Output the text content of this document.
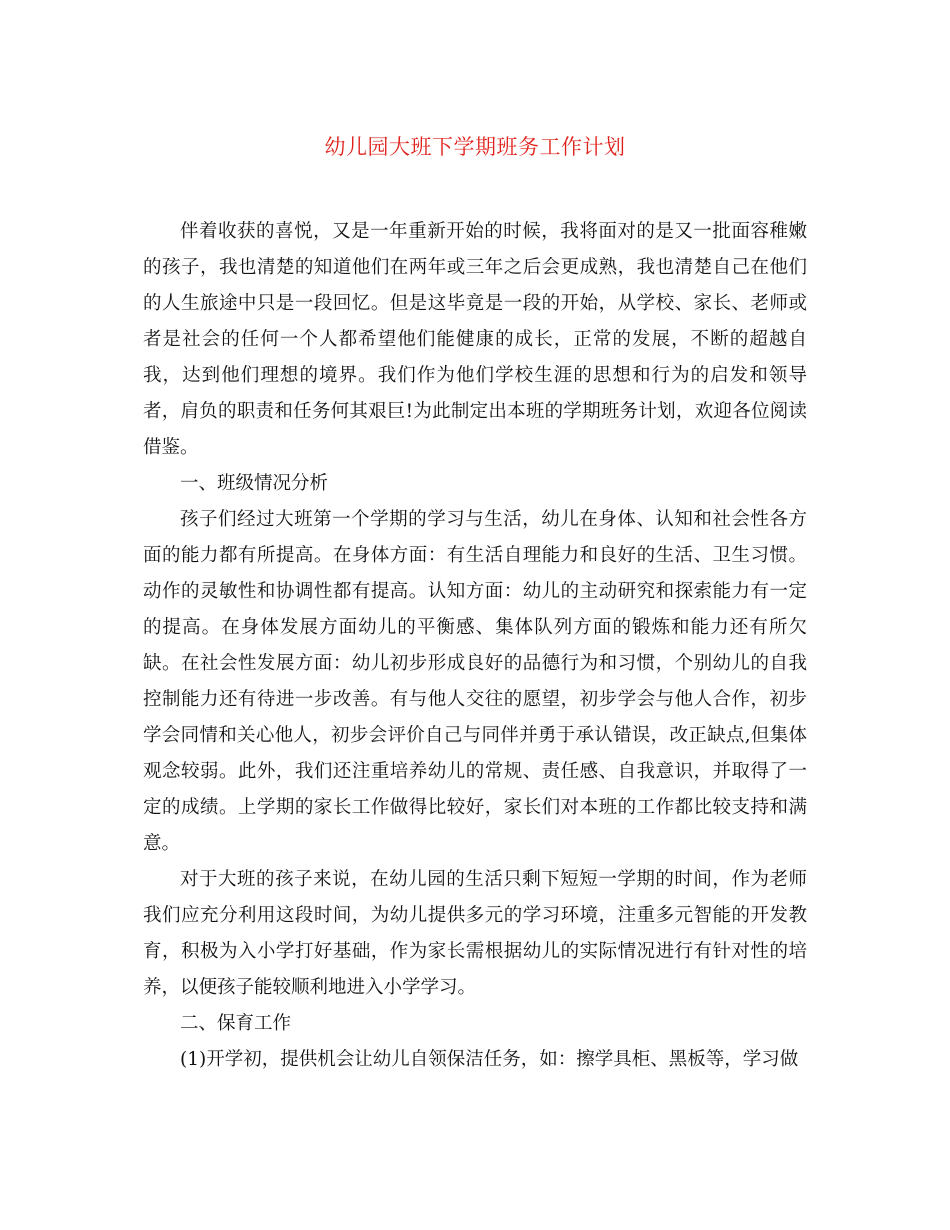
幼儿园大班下学期班务工作计划

伴着收获的喜悦，又是一年重新开始的时候，我将面对的是又一批面容稚嫩的孩子，我也清楚的知道他们在两年或三年之后会更成熟，我也清楚自己在他们的人生旅途中只是一段回忆。但是这毕竟是一段的开始，从学校、家长、老师或者是社会的任何一个人都希望他们能健康的成长，正常的发展，不断的超越自我，达到他们理想的境界。我们作为他们学校生涯的思想和行为的启发和领导者，肩负的职责和任务何其艰巨!为此制定出本班的学期班务计划，欢迎各位阅读借鉴。

一、班级情况分析

孩子们经过大班第一个学期的学习与生活，幼儿在身体、认知和社会性各方面的能力都有所提高。在身体方面：有生活自理能力和良好的生活、卫生习惯。动作的灵敏性和协调性都有提高。认知方面：幼儿的主动研究和探索能力有一定的提高。在身体发展方面幼儿的平衡感、集体队列方面的锻炼和能力还有所欠缺。在社会性发展方面：幼儿初步形成良好的品德行为和习惯，个别幼儿的自我控制能力还有待进一步改善。有与他人交往的愿望，初步学会与他人合作，初步学会同情和关心他人，初步会评价自己与同伴并勇于承认错误，改正缺点,但集体观念较弱。此外，我们还注重培养幼儿的常规、责任感、自我意识，并取得了一定的成绩。上学期的家长工作做得比较好，家长们对本班的工作都比较支持和满意。

对于大班的孩子来说，在幼儿园的生活只剩下短短一学期的时间，作为老师我们应充分利用这段时间，为幼儿提供多元的学习环境，注重多元智能的开发教育，积极为入小学打好基础，作为家长需根据幼儿的实际情况进行有针对性的培养，以便孩子能较顺利地进入小学学习。

二、保育工作

(1)开学初，提供机会让幼儿自领保洁任务，如：擦学具柜、黑板等，学习做
